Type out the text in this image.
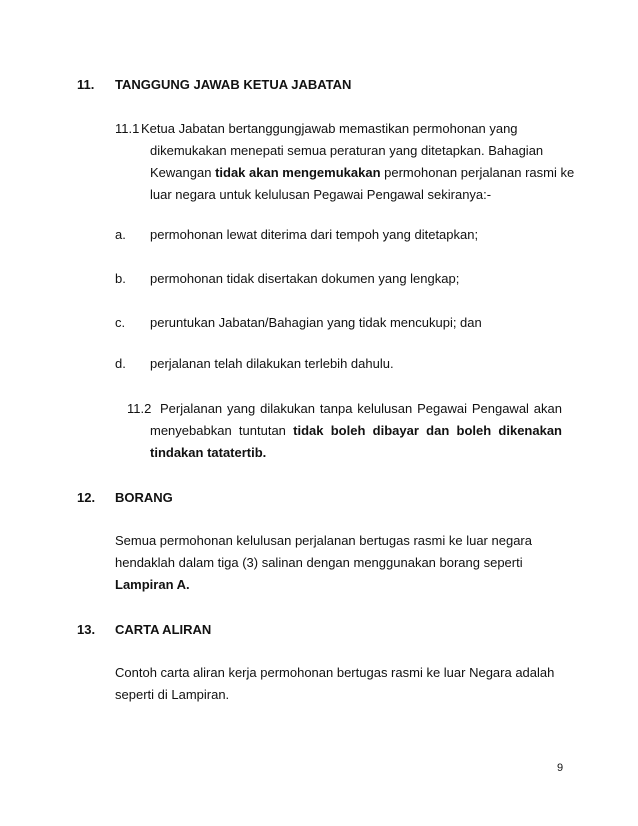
11. TANGGUNG JAWAB KETUA JABATAN
11.1 Ketua Jabatan bertanggungjawab memastikan permohonan yang
dikemukakan menepati semua peraturan yang ditetapkan. Bahagian
Kewangan tidak akan mengemukakan permohonan perjalanan rasmi ke
luar negara untuk kelulusan Pegawai Pengawal sekiranya:-
a. permohonan lewat diterima dari tempoh yang ditetapkan;
b. permohonan tidak disertakan dokumen yang lengkap;
c. peruntukan Jabatan/Bahagian yang tidak mencukupi; dan
d. perjalanan telah dilakukan terlebih dahulu.
11.2 Perjalanan yang dilakukan tanpa kelulusan Pegawai Pengawal akan
menyebabkan tuntutan tidak boleh dibayar dan boleh dikenakan
tindakan tatatertib.
12. BORANG
Semua permohonan kelulusan perjalanan bertugas rasmi ke luar negara
hendaklah dalam tiga (3) salinan dengan menggunakan borang seperti
Lampiran A.
13. CARTA ALIRAN
Contoh carta aliran kerja permohonan bertugas rasmi ke luar Negara adalah
seperti di Lampiran.
9
